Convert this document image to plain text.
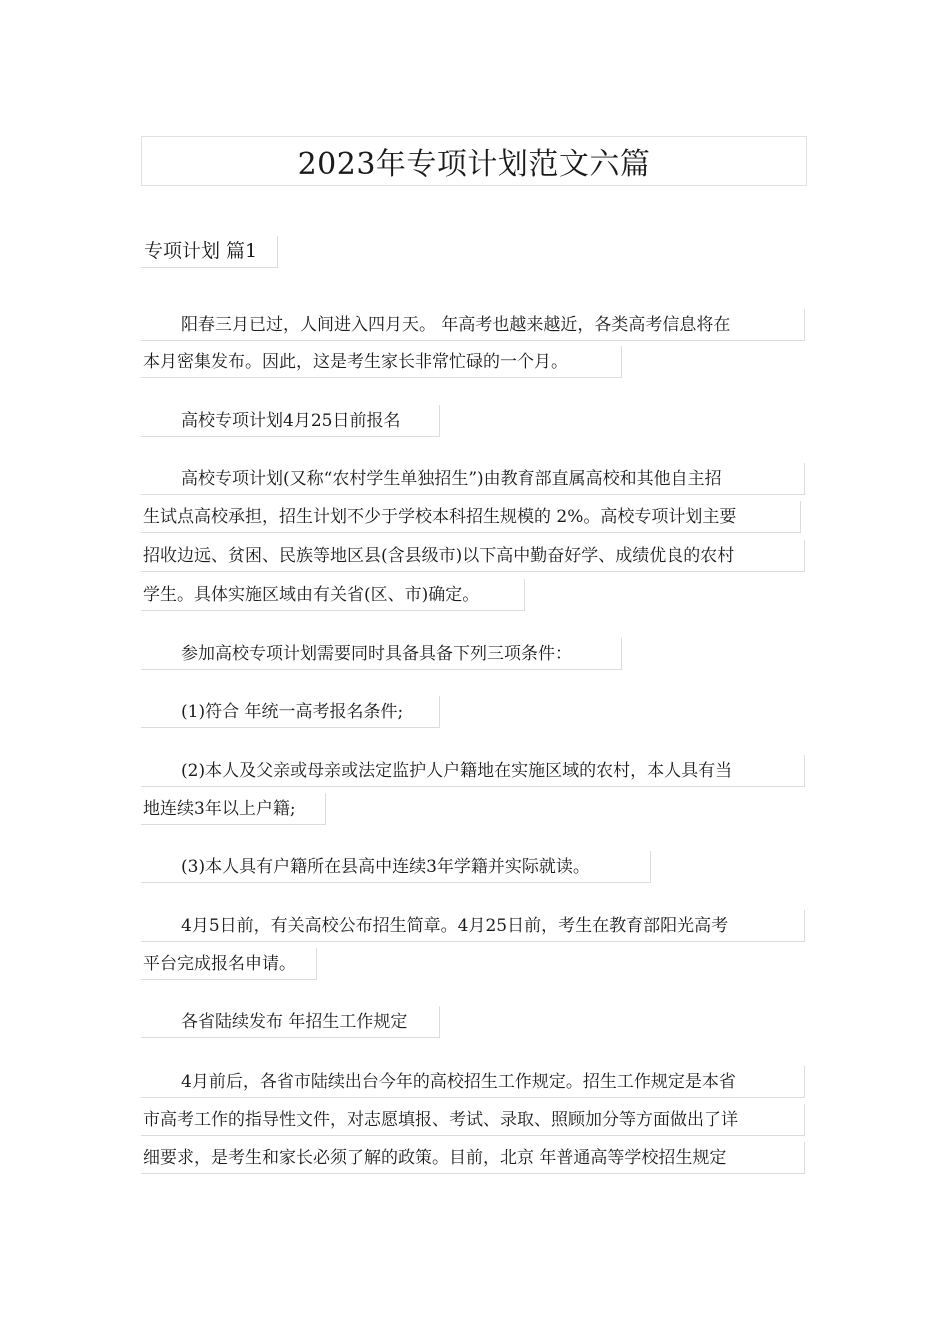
2023年专项计划范文六篇
专项计划 篇1
阳春三月已过，人间进入四月天。 年高考也越来越近，各类高考信息将在
本月密集发布。因此，这是考生家长非常忙碌的一个月。
高校专项计划4月25日前报名
高校专项计划(又称“农村学生单独招生”)由教育部直属高校和其他自主招
生试点高校承担，招生计划不少于学校本科招生规模的 2%。高校专项计划主要
招收边远、贫困、民族等地区县(含县级市)以下高中勤奋好学、成绩优良的农村
学生。具体实施区域由有关省(区、市)确定。
参加高校专项计划需要同时具备具备下列三项条件：
(1)符合 年统一高考报名条件;
(2)本人及父亲或母亲或法定监护人户籍地在实施区域的农村，本人具有当
地连续3年以上户籍;
(3)本人具有户籍所在县高中连续3年学籍并实际就读。
4月5日前，有关高校公布招生简章。4月25日前，考生在教育部阳光高考
平台完成报名申请。
各省陆续发布 年招生工作规定
4月前后，各省市陆续出台今年的高校招生工作规定。招生工作规定是本省
市高考工作的指导性文件，对志愿填报、考试、录取、照顾加分等方面做出了详
细要求，是考生和家长必须了解的政策。目前，北京 年普通高等学校招生规定
